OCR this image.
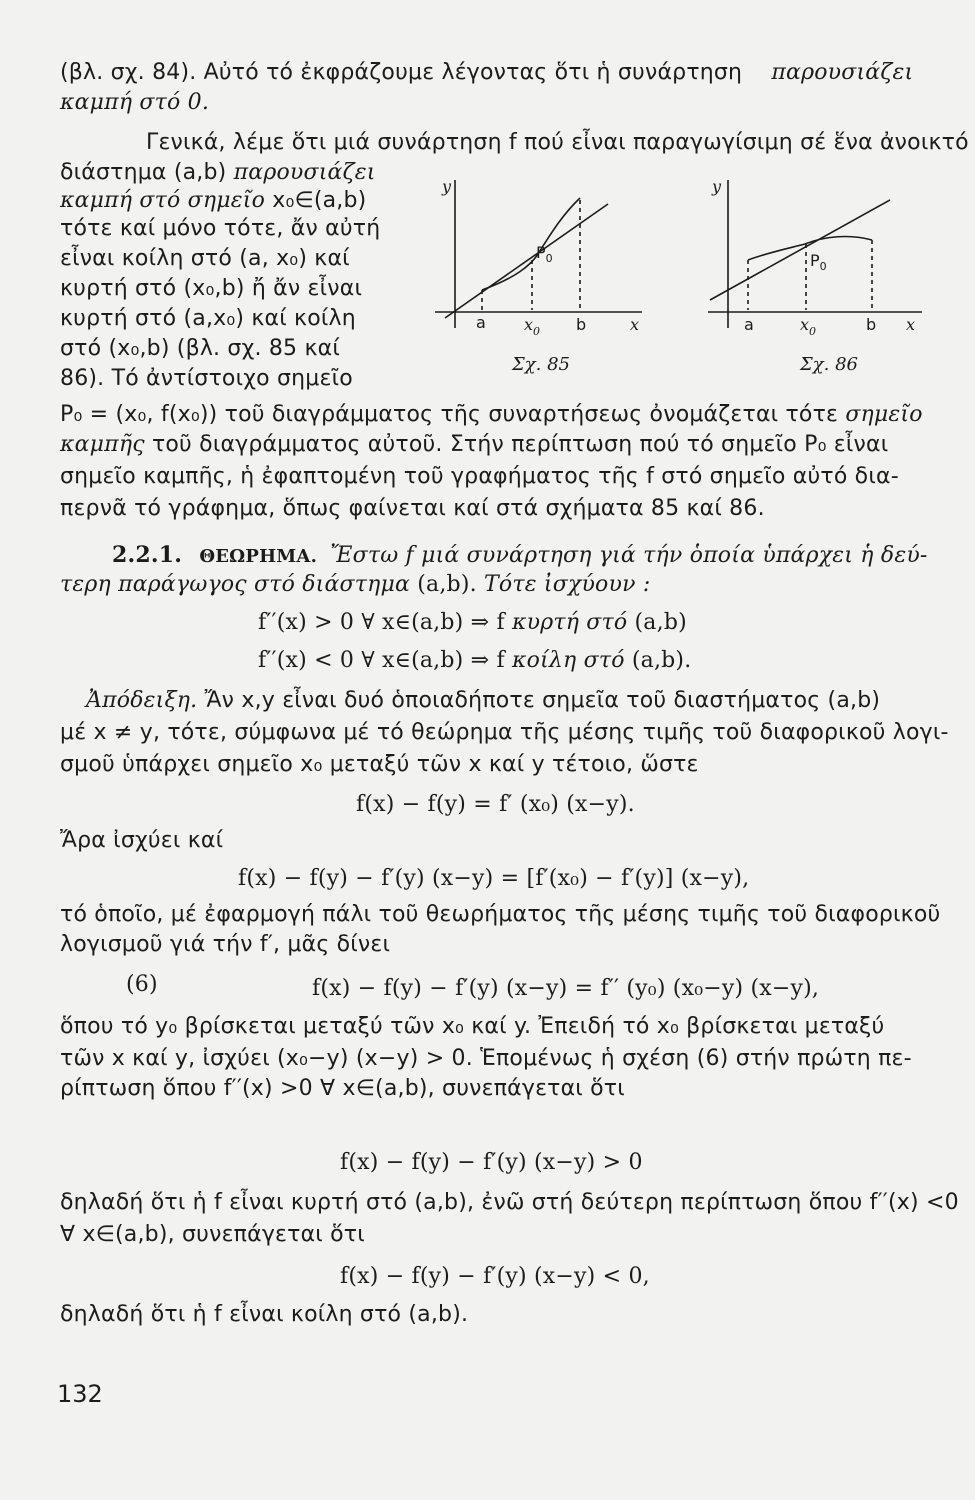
(βλ. σχ. 84). Αὐτό τό ἐκφράζουμε λέγοντας ὅτι ἡ συνάρτηση παρουσιάζει
καμπή στό 0.
Γενικά, λέμε ὅτι μιά συνάρτηση f πού εἶναι παραγωγίσιμη σέ ἕνα ἀνοικτό
διάστημα (a,b) παρουσιάζει
καμπή στό σημεῖο x₀∈(a,b)
τότε καί μόνο τότε, ἄν αὐτή
εἶναι κοίλη στό (a, x₀) καί
κυρτή στό (x₀,b) ἤ ἄν εἶναι
κυρτή στό (a,x₀) καί κοίλη
στό (x₀,b) (βλ. σχ. 85 καί
86). Τό ἀντίστοιχο σημεῖο
y
$P_0$
a $x_0$ b	x
Σχ. 85
y
$P_0$
a	$x_0$	b x
Σχ. 86
P₀ = (x₀, f(x₀)) τοῦ διαγράμματος τῆς συναρτήσεως ὀνομάζεται τότε σημεῖο
καμπῆς τοῦ διαγράμματος αὐτοῦ. Στήν περίπτωση πού τό σημεῖο P₀ εἶναι
σημεῖο καμπῆς, ἡ ἐφαπτομένη τοῦ γραφήματος τῆς f στό σημεῖο αὐτό δια-
περνᾶ τό γράφημα, ὅπως φαίνεται καί στά σχήματα 85 καί 86.
2.2.1. ΘΕΩΡΗΜΑ. Ἔστω f μιά συνάρτηση γιά τήν ὁποία ὑπάρχει ἡ δεύ-
τερη παράγωγος στό διάστημα (a,b). Τότε ἰσχύουν :
f′′(x) > 0 ∀ x∈(a,b) ⇒ f κυρτή στό (a,b)
f′′(x) < 0 ∀ x∈(a,b) ⇒ f κοίλη στό (a,b).
Ἀπόδειξη. Ἄν x,y εἶναι δυό ὁποιαδήποτε σημεῖα τοῦ διαστήματος (a,b)
μέ x ≠ y, τότε, σύμφωνα μέ τό θεώρημα τῆς μέσης τιμῆς τοῦ διαφορικοῦ λογι-
σμοῦ ὑπάρχει σημεῖο x₀ μεταξύ τῶν x καί y τέτοιο, ὥστε
f(x) − f(y) = f′ (x₀) (x−y).
Ἄρα ἰσχύει καί
f(x) − f(y) − f′(y) (x−y) = [f′(x₀) − f′(y)] (x−y),
τό ὁποῖο, μέ ἐφαρμογή πάλι τοῦ θεωρήματος τῆς μέσης τιμῆς τοῦ διαφορικοῦ
λογισμοῦ γιά τήν f′, μᾶς δίνει
(6)	f(x) − f(y) − f′(y) (x−y) = f′′ (y₀) (x₀−y) (x−y),
ὅπου τό y₀ βρίσκεται μεταξύ τῶν x₀ καί y. Ἐπειδή τό x₀ βρίσκεται μεταξύ
τῶν x καί y, ἰσχύει (x₀−y) (x−y) > 0. Ἑπομένως ἡ σχέση (6) στήν πρώτη πε-
ρίπτωση ὅπου f′′(x) >0 ∀ x∈(a,b), συνεπάγεται ὅτι
f(x) − f(y) − f′(y) (x−y) > 0
δηλαδή ὅτι ἡ f εἶναι κυρτή στό (a,b), ἐνῶ στή δεύτερη περίπτωση ὅπου f′′(x) <0
∀ x∈(a,b), συνεπάγεται ὅτι
f(x) − f(y) − f′(y) (x−y) < 0,
δηλαδή ὅτι ἡ f εἶναι κοίλη στό (a,b).
132
